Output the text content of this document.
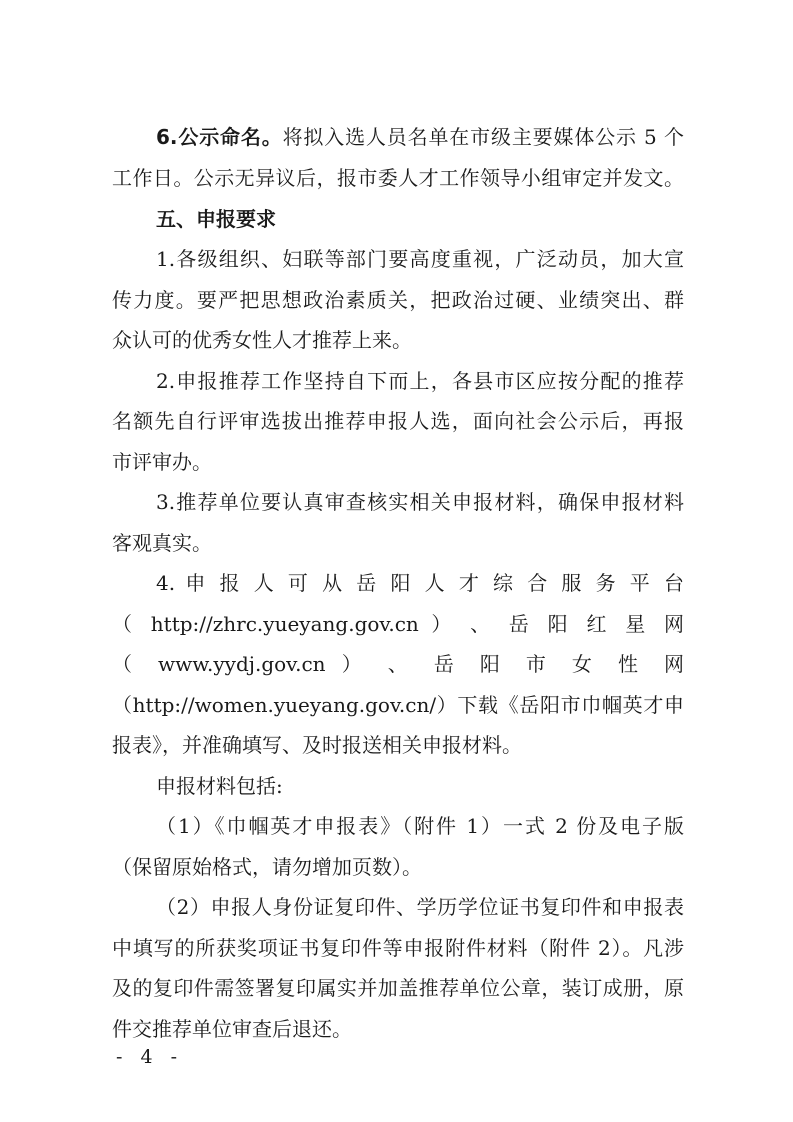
6.公示命名。将拟入选人员名单在市级主要媒体公示 5 个
工作日。公示无异议后，报市委人才工作领导小组审定并发文。
五、申报要求
1.各级组织、妇联等部门要高度重视，广泛动员，加大宣
传力度。要严把思想政治素质关，把政治过硬、业绩突出、群
众认可的优秀女性人才推荐上来。
2.申报推荐工作坚持自下而上，各县市区应按分配的推荐
名额先自行评审选拔出推荐申报人选，面向社会公示后，再报
市评审办。
3.推荐单位要认真审查核实相关申报材料，确保申报材料
客观真实。
4. 申 报 人 可 从 岳 阳 人 才 综 合 服 务 平 台
（ http://zhrc.yueyang.gov.cn ） 、 岳 阳 红 星 网
（ www.yydj.gov.cn ） 、 岳 阳 市 女 性 网
（http://women.yueyang.gov.cn/）下载《岳阳市巾帼英才申
报表》，并准确填写、及时报送相关申报材料。
申报材料包括:
（1）《巾帼英才申报表》（附件 1）一式 2 份及电子版
（保留原始格式，请勿增加页数）。
（2）申报人身份证复印件、学历学位证书复印件和申报表
中填写的所获奖项证书复印件等申报附件材料（附件 2）。凡涉
及的复印件需签署复印属实并加盖推荐单位公章，装订成册，原
件交推荐单位审查后退还。
- 4 -
